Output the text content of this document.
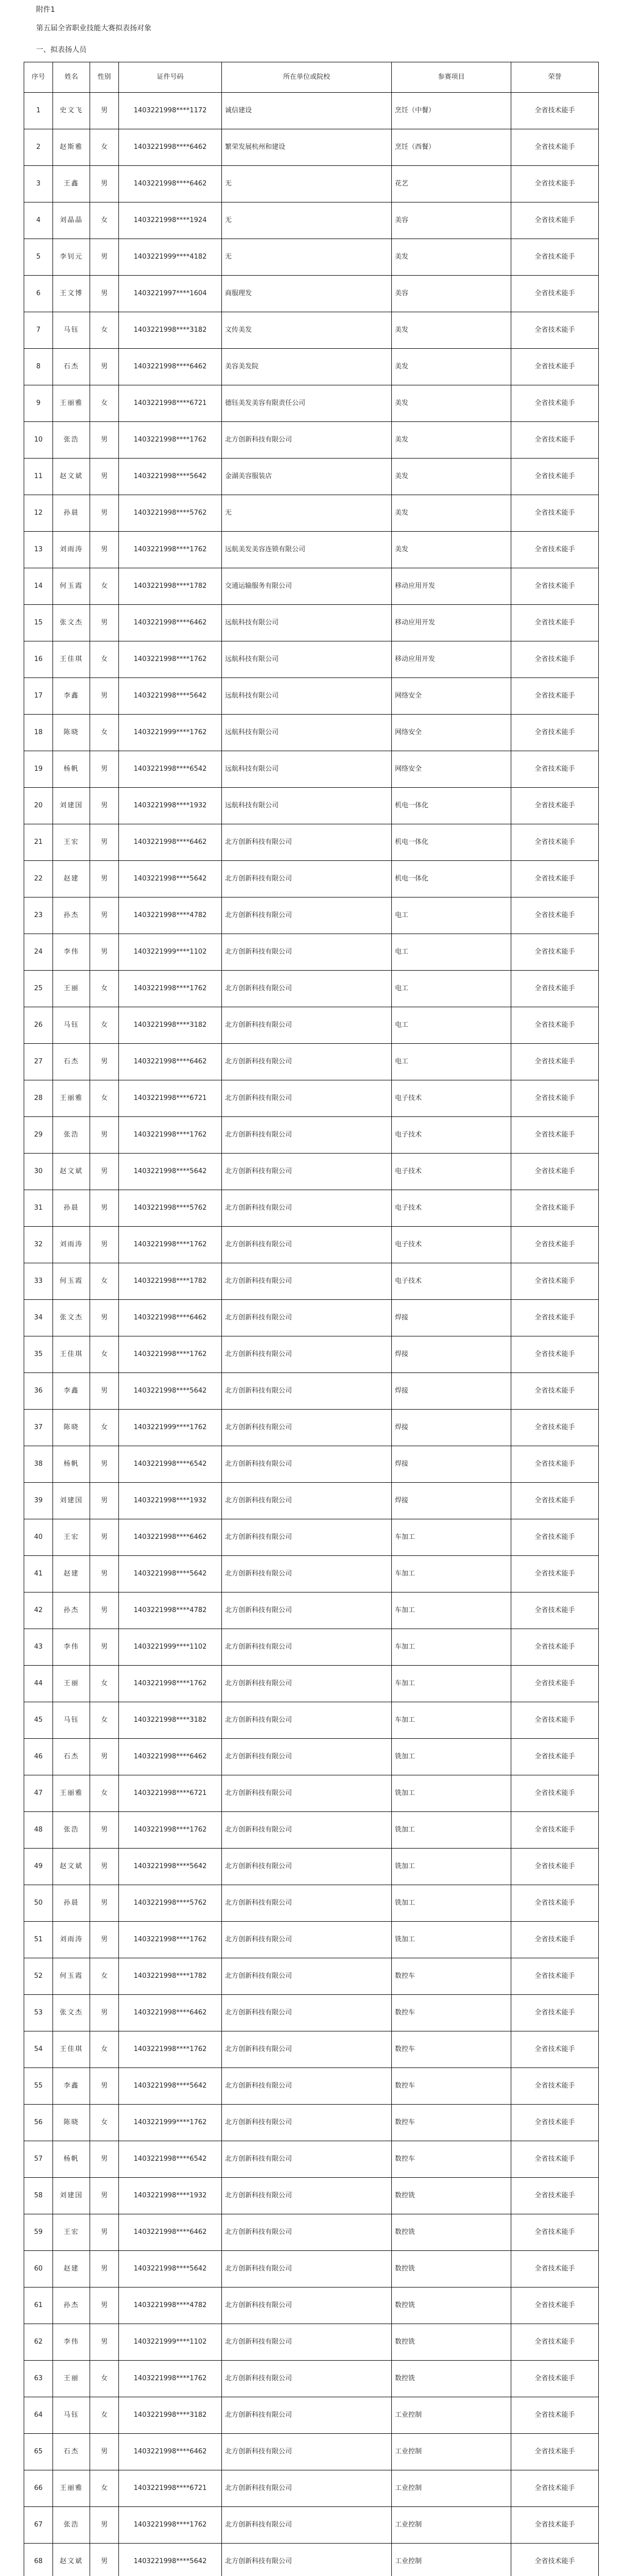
附件1
第五届全省职业技能大赛拟表扬对象
一、拟表扬人员
序号	姓名	性别	证件号码	所在单位或院校	参赛项目	荣誉
1	史文飞	男	1403221998****1172	诚信建设	烹饪（中餐）	全省技术能手
2	赵斯雅	女	1403221998****6462	繁荣发展杭州和建设	烹饪（西餐）	全省技术能手
3	王鑫	男	1403221998****6462	无	花艺	全省技术能手
4	刘晶晶	女	1403221998****1924	无	美容	全省技术能手
5	李钊元	男	1403221999****4182	无	美发	全省技术能手
6	王文博	男	1403221997****1604	商服理发	美容	全省技术能手
7	马钰	女	1403221998****3182	文传美发	美发	全省技术能手
8	石杰	男	1403221998****6462	美容美发院	美发	全省技术能手
9	王丽雅	女	1403221998****6721	德钰美发美容有限责任公司	美发	全省技术能手
10	张浩	男	1403221998****1762	北方创新科技有限公司	美发	全省技术能手
11	赵文斌	男	1403221998****5642	金湖美容服装店	美发	全省技术能手
12	孙晨	男	1403221998****5762	无	美发	全省技术能手
13	刘雨涛	男	1403221998****1762	远航美发美容连锁有限公司	美发	全省技术能手
14	何玉霞	女	1403221998****1782	交通运输服务有限公司	移动应用开发	全省技术能手
15	张文杰	男	1403221998****6462	远航科技有限公司	移动应用开发	全省技术能手
16	王佳琪	女	1403221998****1762	远航科技有限公司	移动应用开发	全省技术能手
17	李鑫	男	1403221998****5642	远航科技有限公司	网络安全	全省技术能手
18	陈晓	女	1403221999****1762	远航科技有限公司	网络安全	全省技术能手
19	杨帆	男	1403221998****6542	远航科技有限公司	网络安全	全省技术能手
20	刘建国	男	1403221998****1932	远航科技有限公司	机电一体化	全省技术能手
21	王宏	男	1403221998****6462	北方创新科技有限公司	机电一体化	全省技术能手
22	赵建	男	1403221998****5642	北方创新科技有限公司	机电一体化	全省技术能手
23	孙杰	男	1403221998****4782	北方创新科技有限公司	电工	全省技术能手
24	李伟	男	1403221999****1102	北方创新科技有限公司	电工	全省技术能手
25	王丽	女	1403221998****1762	北方创新科技有限公司	电工	全省技术能手
26	马钰	女	1403221998****3182	北方创新科技有限公司	电工	全省技术能手
27	石杰	男	1403221998****6462	北方创新科技有限公司	电工	全省技术能手
28	王丽雅	女	1403221998****6721	北方创新科技有限公司	电子技术	全省技术能手
29	张浩	男	1403221998****1762	北方创新科技有限公司	电子技术	全省技术能手
30	赵文斌	男	1403221998****5642	北方创新科技有限公司	电子技术	全省技术能手
31	孙晨	男	1403221998****5762	北方创新科技有限公司	电子技术	全省技术能手
32	刘雨涛	男	1403221998****1762	北方创新科技有限公司	电子技术	全省技术能手
33	何玉霞	女	1403221998****1782	北方创新科技有限公司	电子技术	全省技术能手
34	张文杰	男	1403221998****6462	北方创新科技有限公司	焊接	全省技术能手
35	王佳琪	女	1403221998****1762	北方创新科技有限公司	焊接	全省技术能手
36	李鑫	男	1403221998****5642	北方创新科技有限公司	焊接	全省技术能手
37	陈晓	女	1403221999****1762	北方创新科技有限公司	焊接	全省技术能手
38	杨帆	男	1403221998****6542	北方创新科技有限公司	焊接	全省技术能手
39	刘建国	男	1403221998****1932	北方创新科技有限公司	焊接	全省技术能手
40	王宏	男	1403221998****6462	北方创新科技有限公司	车加工	全省技术能手
41	赵建	男	1403221998****5642	北方创新科技有限公司	车加工	全省技术能手
42	孙杰	男	1403221998****4782	北方创新科技有限公司	车加工	全省技术能手
43	李伟	男	1403221999****1102	北方创新科技有限公司	车加工	全省技术能手
44	王丽	女	1403221998****1762	北方创新科技有限公司	车加工	全省技术能手
45	马钰	女	1403221998****3182	北方创新科技有限公司	车加工	全省技术能手
46	石杰	男	1403221998****6462	北方创新科技有限公司	铣加工	全省技术能手
47	王丽雅	女	1403221998****6721	北方创新科技有限公司	铣加工	全省技术能手
48	张浩	男	1403221998****1762	北方创新科技有限公司	铣加工	全省技术能手
49	赵文斌	男	1403221998****5642	北方创新科技有限公司	铣加工	全省技术能手
50	孙晨	男	1403221998****5762	北方创新科技有限公司	铣加工	全省技术能手
51	刘雨涛	男	1403221998****1762	北方创新科技有限公司	铣加工	全省技术能手
52	何玉霞	女	1403221998****1782	北方创新科技有限公司	数控车	全省技术能手
53	张文杰	男	1403221998****6462	北方创新科技有限公司	数控车	全省技术能手
54	王佳琪	女	1403221998****1762	北方创新科技有限公司	数控车	全省技术能手
55	李鑫	男	1403221998****5642	北方创新科技有限公司	数控车	全省技术能手
56	陈晓	女	1403221999****1762	北方创新科技有限公司	数控车	全省技术能手
57	杨帆	男	1403221998****6542	北方创新科技有限公司	数控车	全省技术能手
58	刘建国	男	1403221998****1932	北方创新科技有限公司	数控铣	全省技术能手
59	王宏	男	1403221998****6462	北方创新科技有限公司	数控铣	全省技术能手
60	赵建	男	1403221998****5642	北方创新科技有限公司	数控铣	全省技术能手
61	孙杰	男	1403221998****4782	北方创新科技有限公司	数控铣	全省技术能手
62	李伟	男	1403221999****1102	北方创新科技有限公司	数控铣	全省技术能手
63	王丽	女	1403221998****1762	北方创新科技有限公司	数控铣	全省技术能手
64	马钰	女	1403221998****3182	北方创新科技有限公司	工业控制	全省技术能手
65	石杰	男	1403221998****6462	北方创新科技有限公司	工业控制	全省技术能手
66	王丽雅	女	1403221998****6721	北方创新科技有限公司	工业控制	全省技术能手
67	张浩	男	1403221998****1762	北方创新科技有限公司	工业控制	全省技术能手
68	赵文斌	男	1403221998****5642	北方创新科技有限公司	工业控制	全省技术能手
